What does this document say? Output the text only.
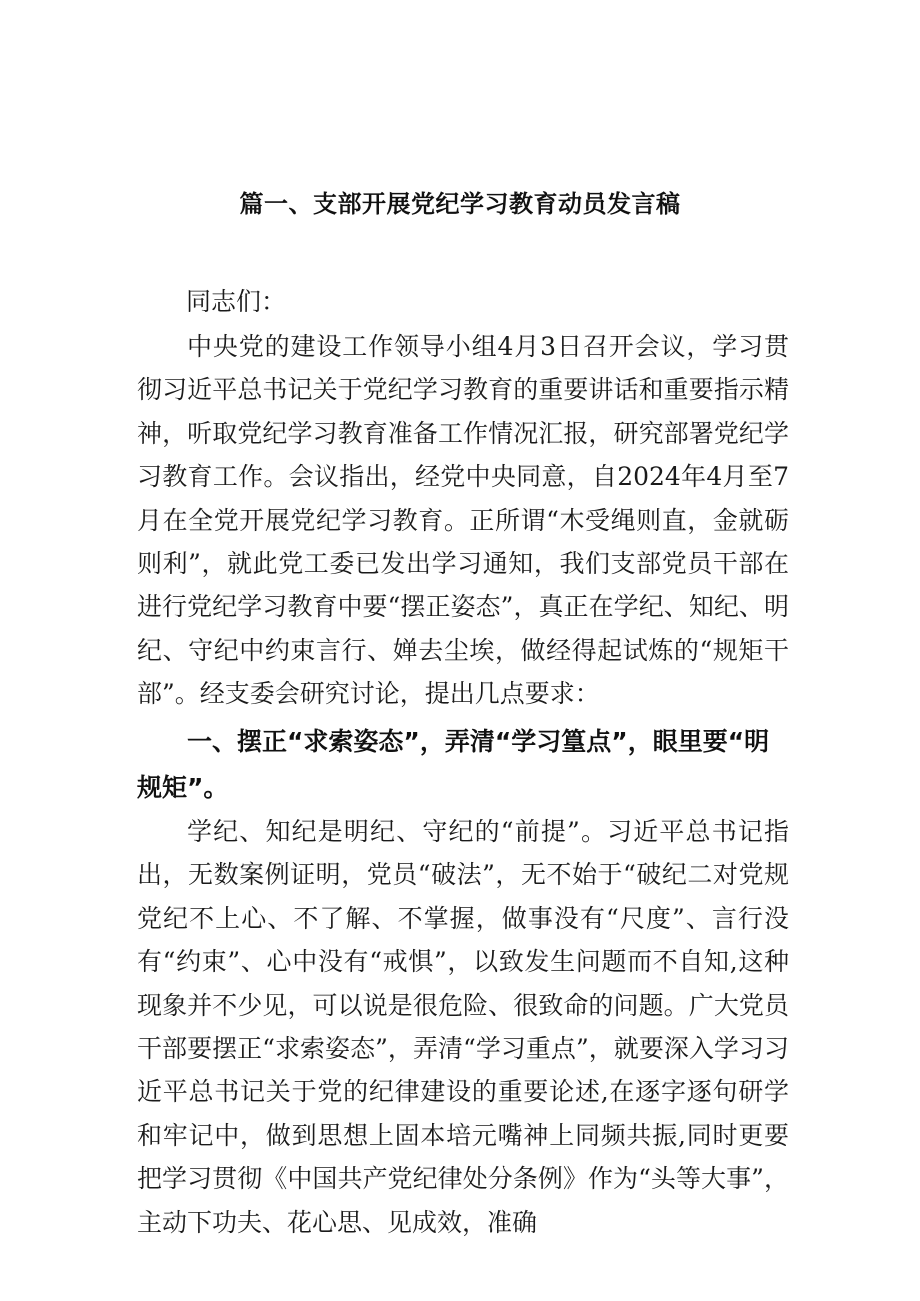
篇一、支部开展党纪学习教育动员发言稿
同志们：

中央党的建设工作领导小组4月3日召开会议，学习贯彻习近平总书记关于党纪学习教育的重要讲话和重要指示精神，听取党纪学习教育准备工作情况汇报，研究部署党纪学习教育工作。会议指出，经党中央同意，自2024年4月至7月在全党开展党纪学习教育。正所谓“木受绳则直，金就砺则利”，就此党工委已发出学习通知，我们支部党员干部在进行党纪学习教育中要“摆正姿态”，真正在学纪、知纪、明纪、守纪中约束言行、婵去尘埃，做经得起试炼的“规矩干部”。经支委会研究讨论，提出几点要求：

一、摆正“求索姿态”，弄清“学习篁点”，眼里要“明规矩”。

学纪、知纪是明纪、守纪的“前提”。习近平总书记指出，无数案例证明，党员“破法”，无不始于“破纪二对党规党纪不上心、不了解、不掌握，做事没有“尺度”、言行没有“约束”、心中没有“戒惧”，以致发生问题而不自知,这种现象并不少见，可以说是很危险、很致命的问题。广大党员干部要摆正“求索姿态”，弄清“学习重点”，就要深入学习习近平总书记关于党的纪律建设的重要论述,在逐字逐句研学和牢记中，做到思想上固本培元嘴神上同频共振,同时更要把学习贯彻《中国共产党纪律处分条例》作为“头等大事”，主动下功夫、花心思、见成效，准确
